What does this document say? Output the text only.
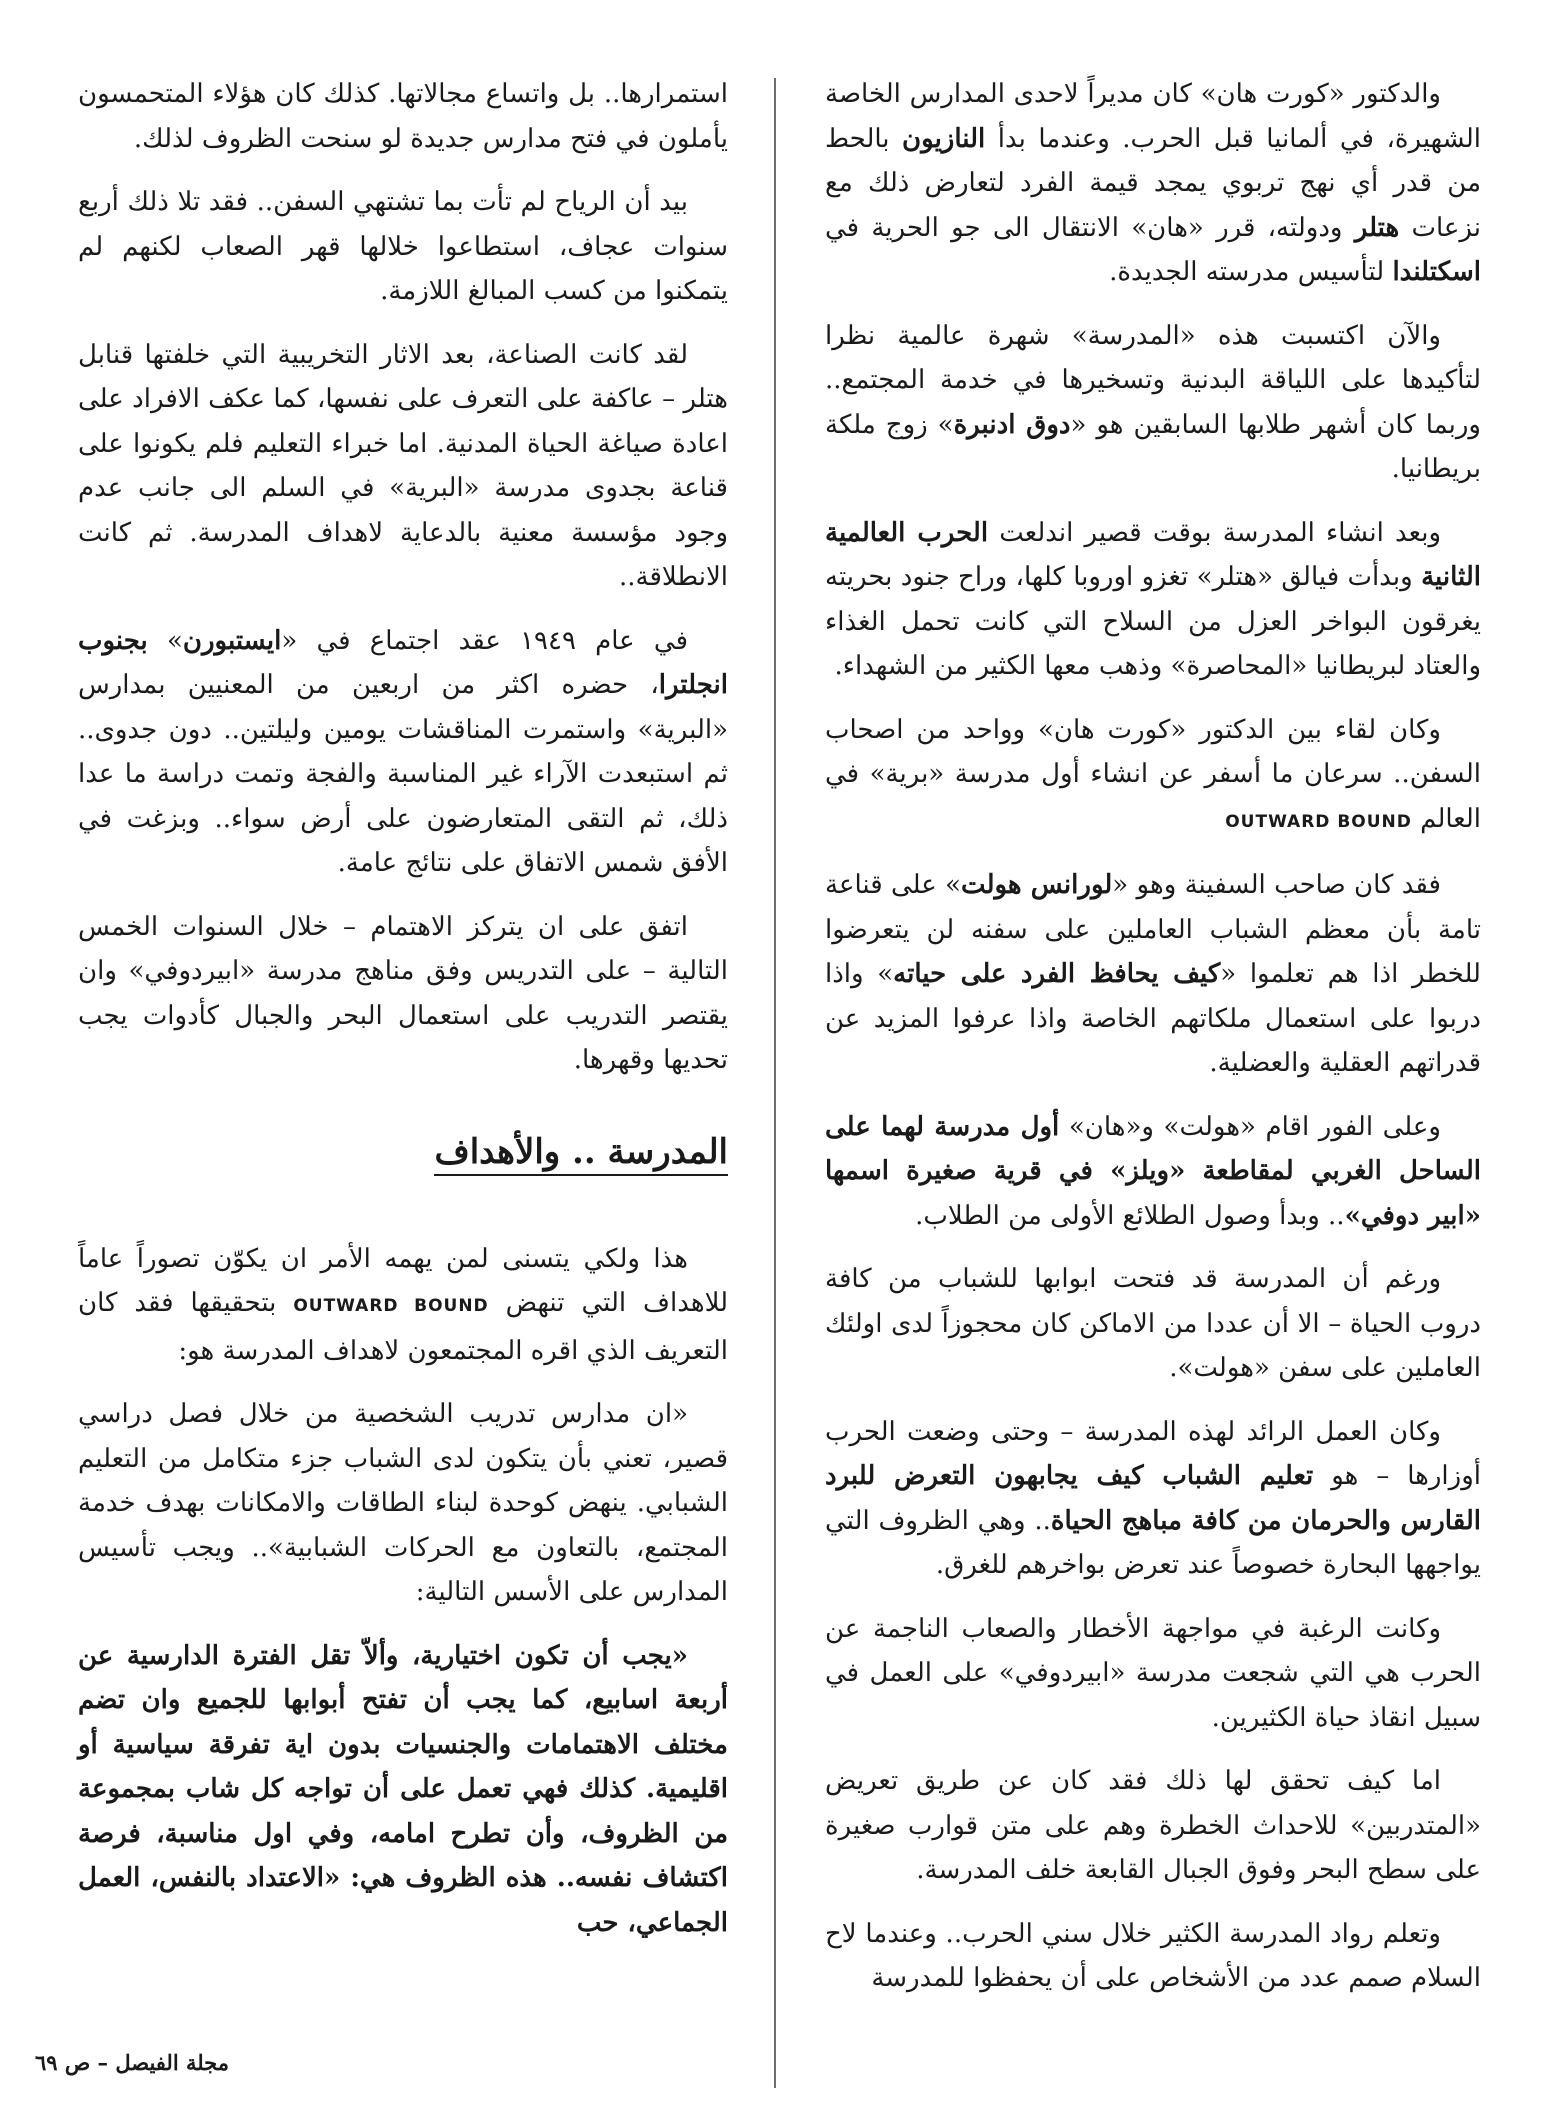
والدكتور «كورت هان» كان مديراً لاحدى المدارس الخاصة الشهيرة، في ألمانيا قبل الحرب. وعندما بدأ النازيون بالحط من قدر أي نهج تربوي يمجد قيمة الفرد لتعارض ذلك مع نزعات هتلر ودولته، قرر «هان» الانتقال الى جو الحرية في اسكتلندا لتأسيس مدرسته الجديدة.

والآن اكتسبت هذه «المدرسة» شهرة عالمية نظرا لتأكيدها على اللياقة البدنية وتسخيرها في خدمة المجتمع.. وربما كان أشهر طلابها السابقين هو «دوق ادنبرة» زوج ملكة بريطانيا.

وبعد انشاء المدرسة بوقت قصير اندلعت الحرب العالمية الثانية وبدأت فيالق «هتلر» تغزو اوروبا كلها، وراح جنود بحريته يغرقون البواخر العزل من السلاح التي كانت تحمل الغذاء والعتاد لبريطانيا «المحاصرة» وذهب معها الكثير من الشهداء.

وكان لقاء بين الدكتور «كورت هان» وواحد من اصحاب السفن.. سرعان ما أسفر عن انشاء أول مدرسة «برية» في العالم OUTWARD BOUND

فقد كان صاحب السفينة وهو «لورانس هولت» على قناعة تامة بأن معظم الشباب العاملين على سفنه لن يتعرضوا للخطر اذا هم تعلموا «كيف يحافظ الفرد على حياته» واذا دربوا على استعمال ملكاتهم الخاصة واذا عرفوا المزيد عن قدراتهم العقلية والعضلية.

وعلى الفور اقام «هولت» و«هان» أول مدرسة لهما على الساحل الغربي لمقاطعة «ويلز» في قرية صغيرة اسمها «ابير دوفي».. وبدأ وصول الطلائع الأولى من الطلاب.

ورغم أن المدرسة قد فتحت ابوابها للشباب من كافة دروب الحياة – الا أن عددا من الاماكن كان محجوزاً لدى اولئك العاملين على سفن «هولت».

وكان العمل الرائد لهذه المدرسة – وحتى وضعت الحرب أوزارها – هو تعليم الشباب كيف يجابهون التعرض للبرد القارس والحرمان من كافة مباهج الحياة.. وهي الظروف التي يواجهها البحارة خصوصاً عند تعرض بواخرهم للغرق.

وكانت الرغبة في مواجهة الأخطار والصعاب الناجمة عن الحرب هي التي شجعت مدرسة «ابيردوفي» على العمل في سبيل انقاذ حياة الكثيرين.

اما كيف تحقق لها ذلك فقد كان عن طريق تعريض «المتدربين» للاحداث الخطرة وهم على متن قوارب صغيرة على سطح البحر وفوق الجبال القابعة خلف المدرسة.

وتعلم رواد المدرسة الكثير خلال سني الحرب.. وعندما لاح السلام صمم عدد من الأشخاص على أن يحفظوا للمدرسة

استمرارها.. بل واتساع مجالاتها. كذلك كان هؤلاء المتحمسون يأملون في فتح مدارس جديدة لو سنحت الظروف لذلك.

بيد أن الرياح لم تأت بما تشتهي السفن.. فقد تلا ذلك أربع سنوات عجاف، استطاعوا خلالها قهر الصعاب لكنهم لم يتمكنوا من كسب المبالغ اللازمة.

لقد كانت الصناعة، بعد الاثار التخريبية التي خلفتها قنابل هتلر – عاكفة على التعرف على نفسها، كما عكف الافراد على اعادة صياغة الحياة المدنية. اما خبراء التعليم فلم يكونوا على قناعة بجدوى مدرسة «البرية» في السلم الى جانب عدم وجود مؤسسة معنية بالدعاية لاهداف المدرسة. ثم كانت الانطلاقة..

في عام ١٩٤٩ عقد اجتماع في «ايستبورن» بجنوب انجلترا، حضره اكثر من اربعين من المعنيين بمدارس «البرية» واستمرت المناقشات يومين وليلتين.. دون جدوى.. ثم استبعدت الآراء غير المناسبة والفجة وتمت دراسة ما عدا ذلك، ثم التقى المتعارضون على أرض سواء.. وبزغت في الأفق شمس الاتفاق على نتائج عامة.

اتفق على ان يتركز الاهتمام – خلال السنوات الخمس التالية – على التدريس وفق مناهج مدرسة «ابيردوفي» وان يقتصر التدريب على استعمال البحر والجبال كأدوات يجب تحديها وقهرها.

المدرسة .. والأهداف

هذا ولكي يتسنى لمن يهمه الأمر ان يكوّن تصوراً عاماً للاهداف التي تنهض OUTWARD BOUND بتحقيقها فقد كان التعريف الذي اقره المجتمعون لاهداف المدرسة هو:

«ان مدارس تدريب الشخصية من خلال فصل دراسي قصير، تعني بأن يتكون لدى الشباب جزء متكامل من التعليم الشبابي. ينهض كوحدة لبناء الطاقات والامكانات بهدف خدمة المجتمع، بالتعاون مع الحركات الشبابية».. ويجب تأسيس المدارس على الأسس التالية:

«يجب أن تكون اختيارية، وألاّ تقل الفترة الدارسية عن أربعة اسابيع، كما يجب أن تفتح أبوابها للجميع وان تضم مختلف الاهتمامات والجنسيات بدون اية تفرقة سياسية أو اقليمية. كذلك فهي تعمل على أن تواجه كل شاب بمجموعة من الظروف، وأن تطرح امامه، وفي اول مناسبة، فرصة اكتشاف نفسه.. هذه الظروف هي: «الاعتداد بالنفس، العمل الجماعي، حب

مجلة الفيصل – ص ٦٩
